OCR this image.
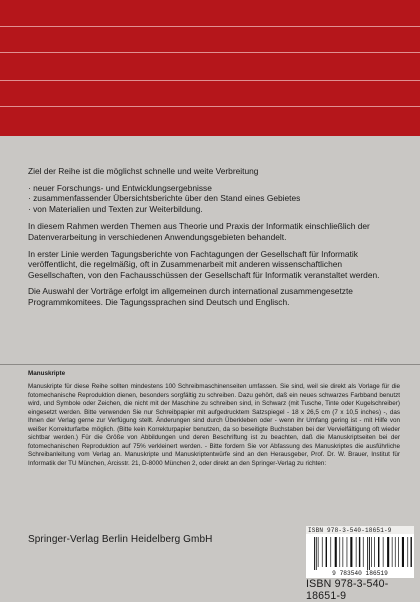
Ziel der Reihe ist die möglichst schnelle und weite Verbreitung

· neuer Forschungs- und Entwicklungsergebnisse
· zusammenfassender Übersichtsberichte über den Stand eines Gebietes
· von Materialien und Texten zur Weiterbildung.

In diesem Rahmen werden Themen aus Theorie und Praxis der Informatik einschließlich der Datenverarbeitung in verschiedenen Anwendungsgebieten behandelt.

In erster Linie werden Tagungsberichte von Fachtagungen der Gesellschaft für Informatik veröffentlicht, die regelmäßig, oft in Zusammenarbeit mit anderen wissenschaftlichen Gesellschaften, von den Fachausschüssen der Gesellschaft für Informatik veranstaltet werden.

Die Auswahl der Vorträge erfolgt im allgemeinen durch international zusammengesetzte Programmkomitees. Die Tagungssprachen sind Deutsch und Englisch.

Manuskripte

Manuskripte für diese Reihe sollten mindestens 100 Schreibmaschinenseiten umfassen. Sie sind, weil sie direkt als Vorlage für die fotomechanische Reproduktion dienen, besonders sorgfältig zu schreiben. Dazu gehört, daß ein neues schwarzes Farbband benutzt wird, und Symbole oder Zeichen, die nicht mit der Maschine zu schreiben sind, in Schwarz (mit Tusche, Tinte oder Kugelschreiber) eingesetzt werden. Bitte verwenden Sie nur Schreibpapier mit aufgedrucktem Satzspiegel - 18 x 26,5 cm (7 x 10,5 inches) -, das Ihnen der Verlag gerne zur Verfügung stellt. Änderungen sind durch Überkleben oder - wenn ihr Umfang gering ist - mit Hilfe von weißer Korrekturfarbe möglich. (Bitte kein Korrekturpapier benutzen, da so beseitigte Buchstaben bei der Vervielfältigung oft wieder sichtbar werden.) Für die Größe von Abbildungen und deren Beschriftung ist zu beachten, daß die Manuskriptseiten bei der fotomechanischen Reproduktion auf 75% verkleinert werden. - Bitte fordern Sie vor Abfassung des Manuskriptes die ausführliche Schreibanleitung vom Verlag an. Manuskripte und Manuskriptentwürfe sind an den Herausgeber, Prof. Dr. W. Brauer, Institut für Informatik der TU München, Arcisstr. 21, D-8000 München 2, oder direkt an den Springer-Verlag zu richten:

Springer-Verlag Berlin Heidelberg GmbH
ISBN 978-3-540-18651-9
9 783540 186519
ISBN 978-3-540-18651-9
